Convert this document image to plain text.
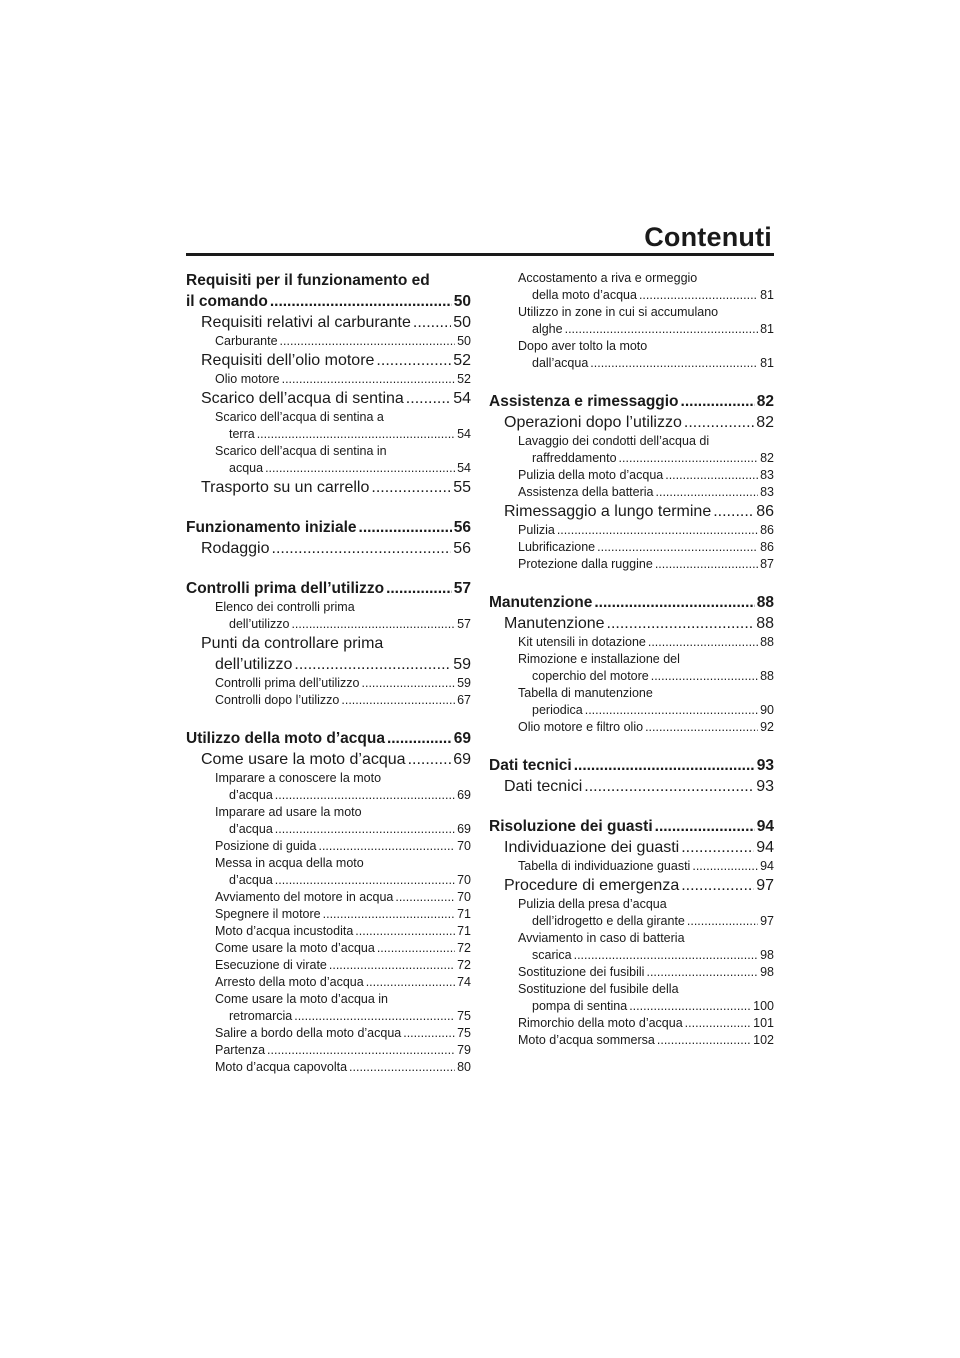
Contenuti
Requisiti per il funzionamento ed
il comando .....	50
Requisiti relativi al carburante .....	50
Carburante .....	50
Requisiti dell’olio motore .....	52
Olio motore .....	52
Scarico dell’acqua di sentina .....	54
Scarico dell’acqua di sentina a
terra .....	54
Scarico dell’acqua di sentina in
acqua .....	54
Trasporto su un carrello .....	55
Funzionamento iniziale .....	56
Rodaggio .....	56
Controlli prima dell’utilizzo .....	57
Elenco dei controlli prima
dell’utilizzo .....	57
Punti da controllare prima
dell’utilizzo .....	59
Controlli prima dell’utilizzo .....	59
Controlli dopo l’utilizzo .....	67
Utilizzo della moto d’acqua .....	69
Come usare la moto d’acqua .....	69
Imparare a conoscere la moto
d’acqua .....	69
Imparare ad usare la moto
d’acqua .....	69
Posizione di guida .....	70
Messa in acqua della moto
d’acqua .....	70
Avviamento del motore in acqua .....	70
Spegnere il motore .....	71
Moto d’acqua incustodita .....	71
Come usare la moto d’acqua .....	72
Esecuzione di virate .....	72
Arresto della moto d’acqua .....	74
Come usare la moto d’acqua in
retromarcia .....	75
Salire a bordo della moto d’acqua .....	75
Partenza .....	79
Moto d’acqua capovolta .....	80
Accostamento a riva e ormeggio
della moto d’acqua .....	81
Utilizzo in zone in cui si accumulano
alghe .....	81
Dopo aver tolto la moto
dall’acqua .....	81
Assistenza e rimessaggio .....	82
Operazioni dopo l’utilizzo .....	82
Lavaggio dei condotti dell’acqua di
raffreddamento .....	82
Pulizia della moto d’acqua .....	83
Assistenza della batteria .....	83
Rimessaggio a lungo termine .....	86
Pulizia .....	86
Lubrificazione .....	86
Protezione dalla ruggine .....	87
Manutenzione .....	88
Manutenzione .....	88
Kit utensili in dotazione .....	88
Rimozione e installazione del
coperchio del motore .....	88
Tabella di manutenzione
periodica .....	90
Olio motore e filtro olio .....	92
Dati tecnici .....	93
Dati tecnici .....	93
Risoluzione dei guasti .....	94
Individuazione dei guasti .....	94
Tabella di individuazione guasti .....	94
Procedure di emergenza .....	97
Pulizia della presa d’acqua
dell’idrogetto e della girante .....	97
Avviamento in caso di batteria
scarica .....	98
Sostituzione dei fusibili .....	98
Sostituzione del fusibile della
pompa di sentina .....	100
Rimorchio della moto d’acqua .....	101
Moto d’acqua sommersa .....	102
